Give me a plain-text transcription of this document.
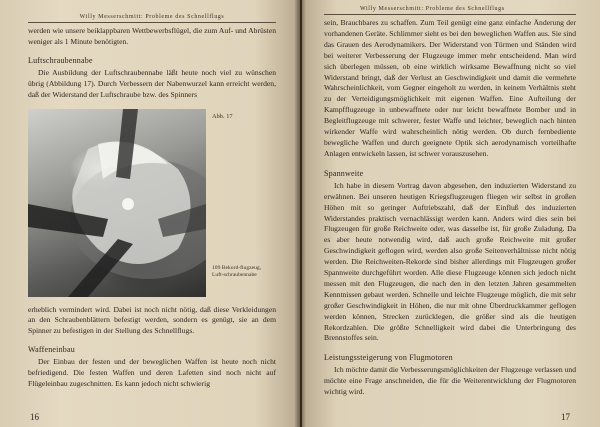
Willy Messerschmitt: Probleme des Schnellflugs

werden wie unsere beiklappbaren Wettbewerbsflügel, die zum Auf- und Abrüsten weniger als 1 Minute benötigten.

Luftschraubennabe

Die Ausbildung der Luftschraubennabe läßt heute noch viel zu wünschen übrig (Abbildung 17). Durch Verbessern der Nabenwurzel kann erreicht werden, daß der Widerstand der Luftschraube bzw. des Spinners

Abb. 17
109 Bekord-flugzeug, Luft-schraubennabe

erheblich vermindert wird. Dabei ist noch nicht nötig, daß diese Verkleidungen an den Schraubenblättern befestigt werden, sondern es genügt, sie an dem Spinner zu befestigen in der Stellung des Schnellflugs.

Waffeneinbau

Der Einbau der festen und der beweglichen Waffen ist heute noch nicht befriedigend. Die festen Waffen und deren Lafetten sind noch nicht auf Flügeleinbau zugeschnitten. Es kann jedoch nicht schwierig

16
Willy Messerschmitt: Probleme des Schnellflugs

sein, Brauchbares zu schaffen. Zum Teil genügt eine ganz einfache Änderung der vorhandenen Geräte. Schlimmer sieht es bei den beweglichen Waffen aus. Sie sind das Grauen des Aerodynamikers. Der Widerstand von Türmen und Ständen wird bei weiterer Verbesserung der Flugzeuge immer mehr entscheidend. Man wird sich überlegen müssen, ob eine wirklich wirksame Bewaffnung nicht so viel Widerstand bringt, daß der Verlust an Geschwindigkeit und damit die vermehrte Wahrscheinlichkeit, vom Gegner eingeholt zu werden, in keinem Verhältnis steht zu der Verteidigungsmöglichkeit mit eigenen Waffen. Eine Aufteilung der Kampfflugzeuge in unbewaffnete oder nur leicht bewaffnete Bomber und in Begleitflugzeuge mit schwerer, fester Waffe und leichter, beweglich nach hinten wirkender Waffe wird wahrscheinlich nötig werden. Ob durch fernbediente bewegliche Waffen und durch geeignete Optik sich aerodynamisch vorteilhafte Anlagen entwickeln lassen, ist schwer vorauszusehen.

Spannweite

Ich habe in diesem Vortrag davon abgesehen, den induzierten Widerstand zu erwähnen. Bei unseren heutigen Kriegsflugzeugen fliegen wir selbst in großen Höhen mit so geringer Auftriebszahl, daß der Einfluß des induzierten Widerstandes praktisch vernachlässigt werden kann. Anders wird dies sein bei Flugzeugen für große Reichweite oder, was dasselbe ist, für große Zuladung. Da es aber heute notwendig wird, daß auch große Reichweite mit großer Geschwindigkeit geflogen wird, werden also große Seitenverhältnisse nicht nötig werden. Die Reichweiten-Rekorde sind bisher allerdings mit Flugzeugen großer Spannweite durchgeführt worden. Alle diese Flugzeuge können sich jedoch nicht messen mit den Flugzeugen, die nach den in den letzten Jahren gesammelten Kenntnissen gebaut werden. Schnelle und leichte Flugzeuge möglich, die mit sehr großer Geschwindigkeit in Höhen, die nur mit ohne Überdruckkammer geflogen werden können, Strecken zurücklegen, die größer sind als die heutigen Rekordzahlen. Die größte Schnelligkeit wird dabei die Unterbringung des Brennstoffes sein.

Leistungssteigerung von Flugmotoren

Ich möchte damit die Verbesserungsmöglichkeiten der Flugzeuge verlassen und möchte eine Frage anschneiden, die für die Weiterentwicklung der Flugmotoren wichtig wird.

17
